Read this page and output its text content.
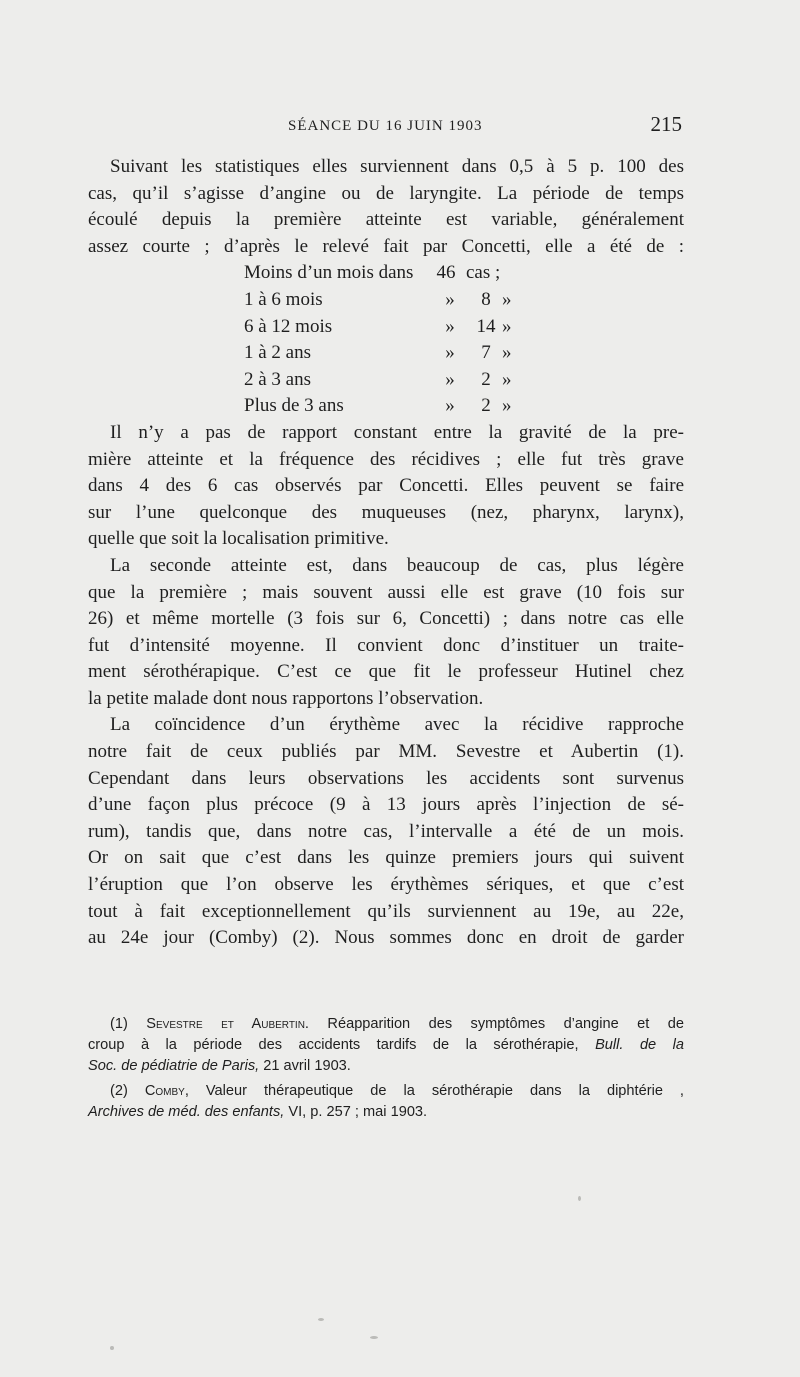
SÉANCE DU 16 JUIN 1903	215
Suivant les statistiques elles surviennent dans 0,5 à 5 p. 100 des
cas, qu’il s’agisse d’angine ou de laryngite. La période de temps
écoulé depuis la première atteinte est variable, généralement
assez courte ; d’après le relevé fait par Concetti, elle a été de :
Moins d’un mois dans	46 cas ;
1 à 6 mois	»	8 »
6 à 12 mois	»	14 »
1 à 2 ans	»	7 »
2 à 3 ans	»	2 »
Plus de 3 ans	»	2 »
Il n’y a pas de rapport constant entre la gravité de la pre-
mière atteinte et la fréquence des récidives ; elle fut très grave
dans 4 des 6 cas observés par Concetti. Elles peuvent se faire
sur l’une quelconque des muqueuses (nez, pharynx, larynx),
quelle que soit la localisation primitive.
La seconde atteinte est, dans beaucoup de cas, plus légère
que la première ; mais souvent aussi elle est grave (10 fois sur
26) et même mortelle (3 fois sur 6, Concetti) ; dans notre cas elle
fut d’intensité moyenne. Il convient donc d’instituer un traite-
ment sérothérapique. C’est ce que fit le professeur Hutinel chez
la petite malade dont nous rapportons l’observation.
La coïncidence d’un érythème avec la récidive rapproche
notre fait de ceux publiés par MM. Sevestre et Aubertin (1).
Cependant dans leurs observations les accidents sont survenus
d’une façon plus précoce (9 à 13 jours après l’injection de sé-
rum), tandis que, dans notre cas, l’intervalle a été de un mois.
Or on sait que c’est dans les quinze premiers jours qui suivent
l’éruption que l’on observe les érythèmes sériques, et que c’est
tout à fait exceptionnellement qu’ils surviennent au 19e, au 22e,
au 24e jour (Comby) (2). Nous sommes donc en droit de garder
(1) Sevestre et Aubertin. Réapparition des symptômes d’angine et de
croup à la période des accidents tardifs de la sérothérapie, Bull. de la
Soc. de pédiatrie de Paris, 21 avril 1903.
(2) Comby, Valeur thérapeutique de la sérothérapie dans la diphtérie ,
Archives de méd. des enfants, VI, p. 257 ; mai 1903.
